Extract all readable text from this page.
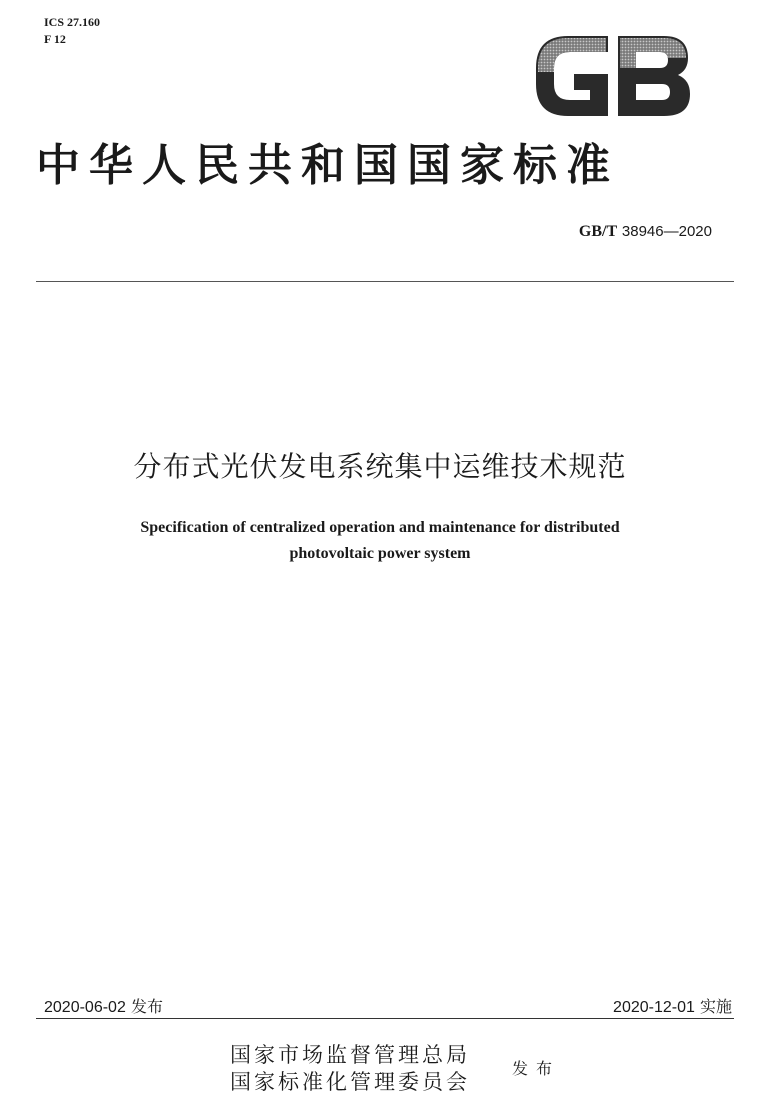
ICS 27.160
F 12
中华人民共和国国家标准
GB/T 38946—2020
分布式光伏发电系统集中运维技术规范
Specification of centralized operation and maintenance for distributed
photovoltaic power system
2020-06-02 发布	2020-12-01 实施
国家市场监督管理总局
国家标准化管理委员会
发布
